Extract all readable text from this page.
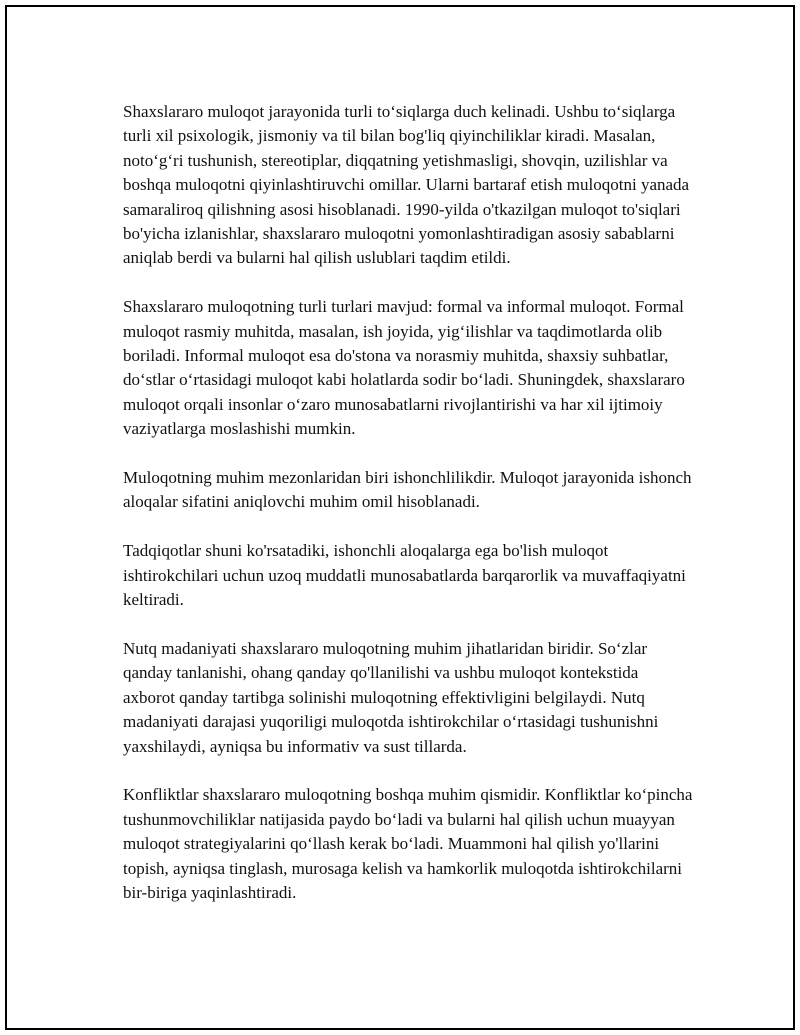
Shaxslararo muloqot jarayonida turli to‘siqlarga duch kelinadi. Ushbu to‘siqlarga turli xil psixologik, jismoniy va til bilan bog'liq qiyinchiliklar kiradi. Masalan, noto‘g‘ri tushunish, stereotiplar, diqqatning yetishmasligi, shovqin, uzilishlar va boshqa muloqotni qiyinlashtiruvchi omillar. Ularni bartaraf etish muloqotni yanada samaraliroq qilishning asosi hisoblanadi. 1990-yilda o'tkazilgan muloqot to'siqlari bo'yicha izlanishlar, shaxslararo muloqotni yomonlashtiradigan asosiy sabablarni aniqlab berdi va bularni hal qilish uslublari taqdim etildi.

Shaxslararo muloqotning turli turlari mavjud: formal va informal muloqot. Formal muloqot rasmiy muhitda, masalan, ish joyida, yig‘ilishlar va taqdimotlarda olib boriladi. Informal muloqot esa do'stona va norasmiy muhitda, shaxsiy suhbatlar, do‘stlar o‘rtasidagi muloqot kabi holatlarda sodir bo‘ladi. Shuningdek, shaxslararo muloqot orqali insonlar o‘zaro munosabatlarni rivojlantirishi va har xil ijtimoiy vaziyatlarga moslashishi mumkin.

Muloqotning muhim mezonlaridan biri ishonchlilikdir. Muloqot jarayonida ishonch aloqalar sifatini aniqlovchi muhim omil hisoblanadi.

Tadqiqotlar shuni ko'rsatadiki, ishonchli aloqalarga ega bo'lish muloqot ishtirokchilari uchun uzoq muddatli munosabatlarda barqarorlik va muvaffaqiyatni keltiradi.

Nutq madaniyati shaxslararo muloqotning muhim jihatlaridan biridir. So‘zlar qanday tanlanishi, ohang qanday qo'llanilishi va ushbu muloqot kontekstida axborot qanday tartibga solinishi muloqotning effektivligini belgilaydi. Nutq madaniyati darajasi yuqoriligi muloqotda ishtirokchilar o‘rtasidagi tushunishni yaxshilaydi, ayniqsa bu informativ va sust tillarda.

Konfliktlar shaxslararo muloqotning boshqa muhim qismidir. Konfliktlar ko‘pincha tushunmovchiliklar natijasida paydo bo‘ladi va bularni hal qilish uchun muayyan muloqot strategiyalarini qo‘llash kerak bo‘ladi. Muammoni hal qilish yo'llarini topish, ayniqsa tinglash, murosaga kelish va hamkorlik muloqotda ishtirokchilarni bir-biriga yaqinlashtiradi.
